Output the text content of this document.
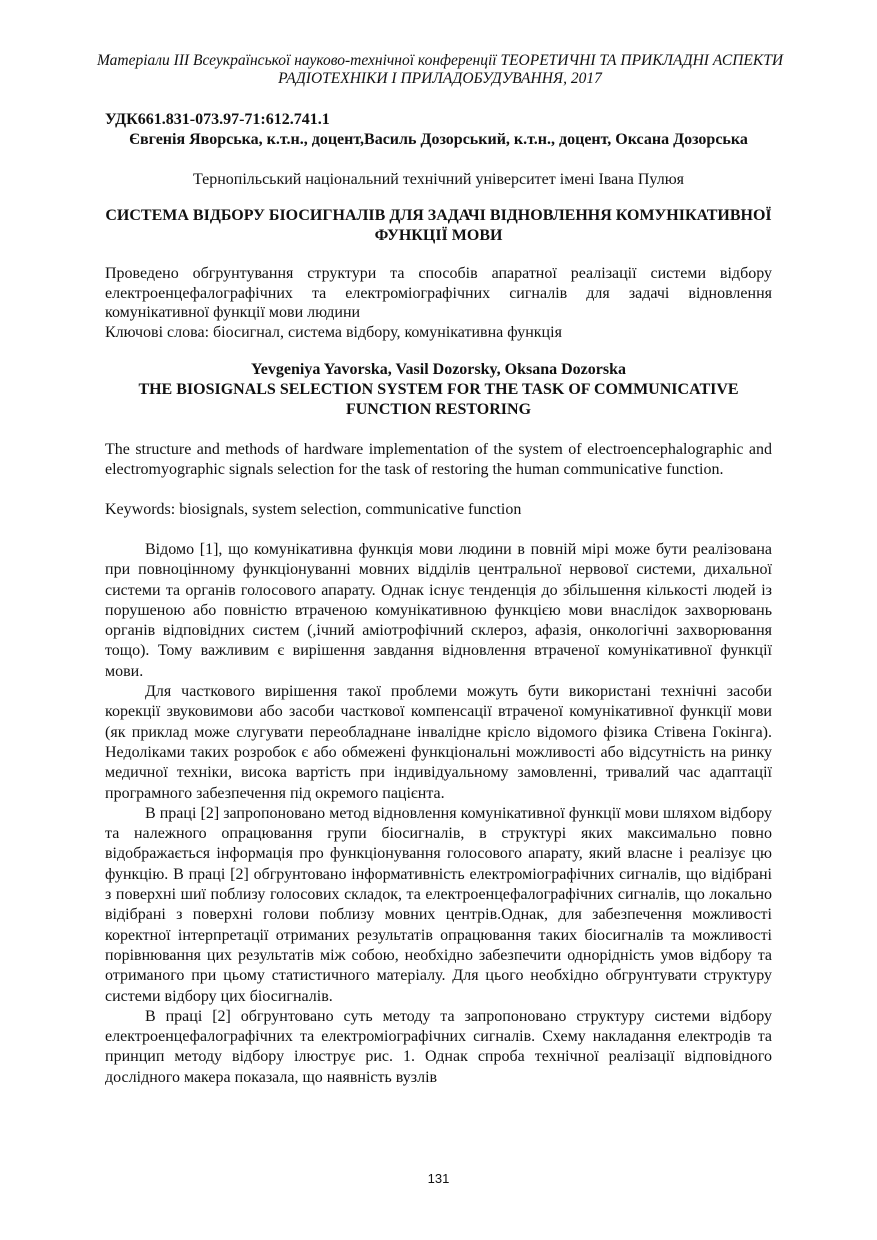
Матеріали III Всеукраїнської науково-технічної конференції ТЕОРЕТИЧНІ ТА ПРИКЛАДНІ АСПЕКТИ РАДІОТЕХНІКИ І ПРИЛАДОБУДУВАННЯ, 2017
УДК661.831-073.97-71:612.741.1
Євгенія Яворська, к.т.н., доцент,Василь Дозорський, к.т.н., доцент, Оксана Дозорська
Тернопільський національний технічний університет імені Івана Пулюя
СИСТЕМА ВІДБОРУ БІОСИГНАЛІВ ДЛЯ ЗАДАЧІ ВІДНОВЛЕННЯ КОМУНІКАТИВНОЇ ФУНКЦІЇ МОВИ
Проведено обгрунтування структури та способів апаратної реалізації системи відбору електроенцефалографічних та електроміографічних сигналів для задачі відновлення комунікативної функції мови людини
Ключові слова: біосигнал, система відбору, комунікативна функція
Yevgeniya Yavorska, Vasil Dozorsky, Oksana Dozorska
THE BIOSIGNALS SELECTION SYSTEM FOR THE TASK OF COMMUNICATIVE FUNCTION RESTORING
The structure and methods of hardware implementation of the system of electroencephalographic and electromyographic signals selection for the task of restoring the human communicative function.
Keywords: biosignals, system selection, communicative function

Відомо [1], що комунікативна функція мови людини в повній мірі може бути реалізована при повноцінному функціонуванні мовних відділів центральної нервової системи, дихальної системи та органів голосового апарату. Однак існує тенденція до збільшення кількості людей із порушеною або повністю втраченою комунікативною функцією мови внаслідок захворювань органів відповідних систем (,ічний аміотрофічний склероз, афазія, онкологічні захворювання тощо). Тому важливим є вирішення завдання відновлення втраченої комунікативної функції мови.

Для часткового вирішення такої проблеми можуть бути використані технічні засоби корекції звуковимови або засоби часткової компенсації втраченої комунікативної функції мови (як приклад може слугувати переобладнане інвалідне крісло відомого фізика Стівена Гокінга). Недоліками таких розробок є або обмежені функціональні можливості або відсутність на ринку медичної техніки, висока вартість при індивідуальному замовленні, тривалий час адаптації програмного забезпечення під окремого пацієнта.

В праці [2] запропоновано метод відновлення комунікативної функції мови шляхом відбору та належного опрацювання групи біосигналів, в структурі яких максимально повно відображається інформація про функціонування голосового апарату, який власне і реалізує цю функцію. В праці [2] обгрунтовано інформативність електроміографічних сигналів, що відібрані з поверхні шиї поблизу голосових складок, та електроенцефалографічних сигналів, що локально відібрані з поверхні голови поблизу мовних центрів.Однак, для забезпечення можливості коректної інтерпретації отриманих результатів опрацювання таких біосигналів та можливості порівнювання цих результатів між собою, необхідно забезпечити однорідність умов відбору та отриманого при цьому статистичного матеріалу. Для цього необхідно обгрунтувати структуру системи відбору цих біосигналів.

В праці [2] обгрунтовано суть методу та запропоновано структуру системи відбору електроенцефалографічних та електроміографічних сигналів. Схему накладання електродів та принцип методу відбору ілюструє рис. 1. Однак спроба технічної реалізації відповідного дослідного макера показала, що наявність вузлів

131
